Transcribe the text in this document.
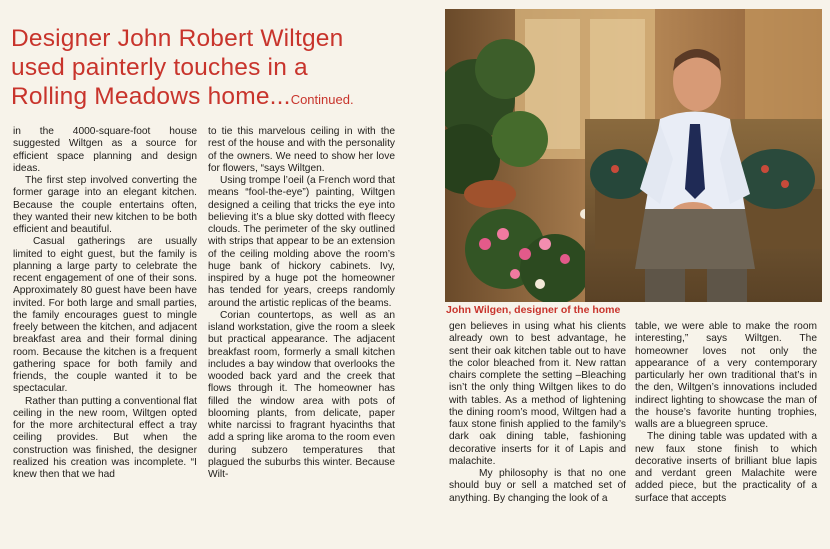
Designer John Robert Wiltgen
used painterly touches in a
Rolling Meadows home...Continued.

in the 4000-square-foot house suggested Wiltgen as a source for efficient space planning and design ideas.

The first step involved converting the former garage into an elegant kitchen. Because the couple entertains often, they wanted their new kitchen to be both efficient and beautiful.

Casual gatherings are usually limited to eight guest, but the family is planning a large party to celebrate the recent engagement of one of their sons. Approximately 80 guest have been have invited. For both large and small parties, the family encourages guest to mingle freely between the kitchen, and adjacent breakfast area and their formal dining room. Because the kitchen is a frequent gathering space for both family and friends, the couple wanted it to be spectacular.

Rather than putting a conventional flat ceiling in the new room, Wiltgen opted for the more architectural effect a tray ceiling provides. But when the construction was finished, the designer realized his creation was incomplete. “I knew then that we had

to tie this marvelous ceiling in with the rest of the house and with the personality of the owners. We need to show her love for flowers, “says Wiltgen.

Using trompe l’oeil (a French word that means “fool-the-eye”) painting, Wiltgen designed a ceiling that tricks the eye into believing it’s a blue sky dotted with fleecy clouds. The perimeter of the sky outlined with strips that appear to be an extension of the ceiling molding above the room’s huge bank of hickory cabinets. Ivy, inspired by a huge pot the homeowner has tended for years, creeps randomly around the artistic replicas of the beams.

Corian countertops, as well as an island workstation, give the room a sleek but practical appearance. The adjacent breakfast room, formerly a small kitchen includes a bay window that overlooks the wooded back yard and the creek that flows through it. The homeowner has filled the window area with pots of blooming plants, from delicate, paper white narcissi to fragrant hyacinths that add a spring like aroma to the room even during subzero temperatures that plagued the suburbs this winter. Because Wilt-

John Wilgen, designer of the home

gen believes in using what his clients already own to best advantage, he sent their oak kitchen table out to have the color bleached from it. New rattan chairs complete the setting –Bleaching isn’t the only thing Wiltgen likes to do with tables. As a method of lightening the dining room’s mood, Wiltgen had a faux stone finish applied to the family’s dark oak dining table, fashioning decorative inserts for it of Lapis and malachite.

My philosophy is that no one should buy or sell a matched set of anything. By changing the look of a

table, we were able to make the room interesting,” says Wiltgen. The homeowner loves not only the appearance of a very contemporary particularly her own traditional that’s in the den, Wiltgen’s innovations included indirect lighting to showcase the man of the house’s favorite hunting trophies, walls are a bluegreen spruce.

The dining table was updated with a new faux stone finish to which decorative inserts of brilliant blue lapis and verdant green Malachite were added piece, but the practicality of a surface that accepts
